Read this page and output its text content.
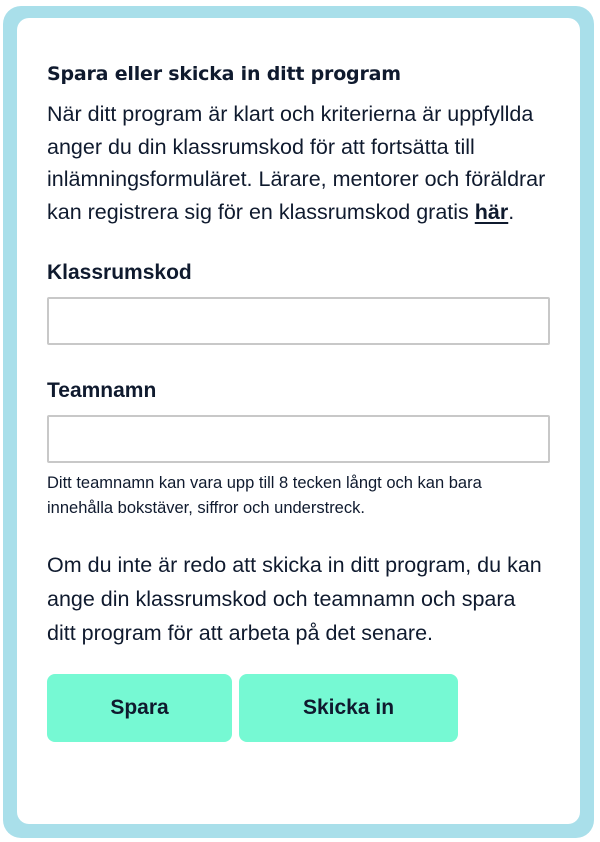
Spara eller skicka in ditt program

När ditt program är klart och kriterierna är uppfyllda anger du din klassrumskod för att fortsätta till inlämningsformuläret. Lärare, mentorer och föräldrar kan registrera sig för en klassrumskod gratis här.

Klassrumskod
Teamnamn

Ditt teamnamn kan vara upp till 8 tecken långt och kan bara innehålla bokstäver, siffror och understreck.

Om du inte är redo att skicka in ditt program, du kan ange din klassrumskod och teamnamn och spara ditt program för att arbeta på det senare.

Spara	Skicka in
